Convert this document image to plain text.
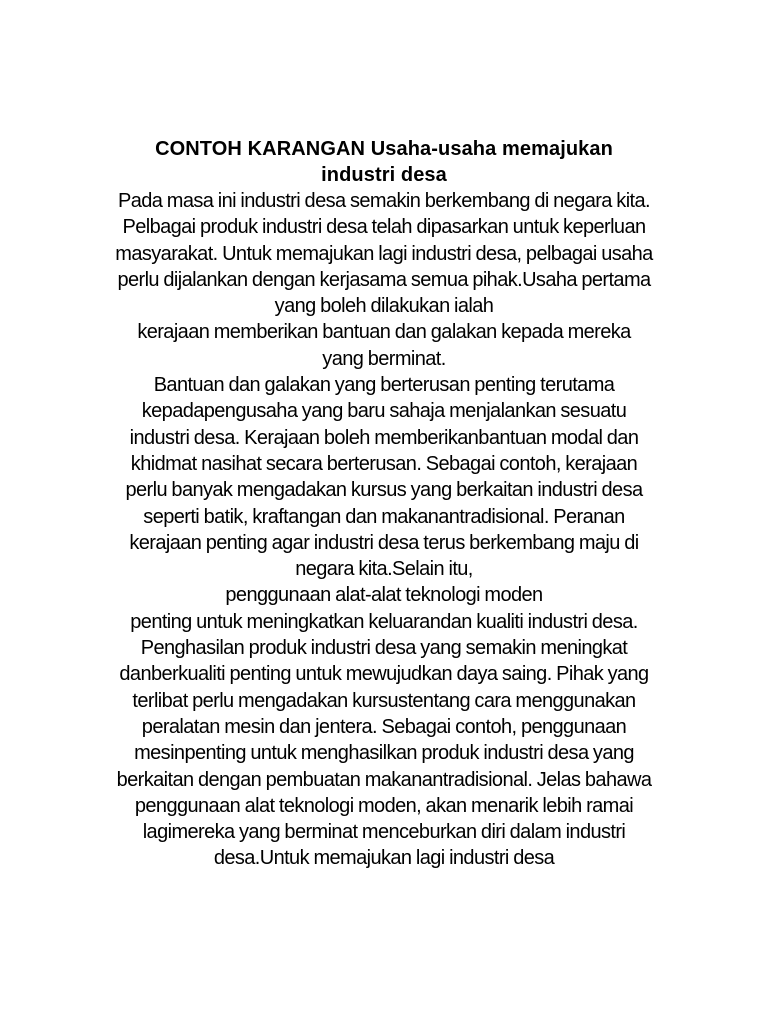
CONTOH KARANGAN Usaha-usaha memajukan
industri desa
Pada masa ini industri desa semakin berkembang di negara kita.
Pelbagai produk industri desa telah dipasarkan untuk keperluan
masyarakat. Untuk memajukan lagi industri desa, pelbagai usaha
perlu dijalankan dengan kerjasama semua pihak.Usaha pertama
yang boleh dilakukan ialah
kerajaan memberikan bantuan dan galakan kepada mereka
yang berminat.
Bantuan dan galakan yang berterusan penting terutama
kepadapengusaha yang baru sahaja menjalankan sesuatu
industri desa. Kerajaan boleh memberikanbantuan modal dan
khidmat nasihat secara berterusan. Sebagai contoh, kerajaan
perlu banyak mengadakan kursus yang berkaitan industri desa
seperti batik, kraftangan dan makanantradisional. Peranan
kerajaan penting agar industri desa terus berkembang maju di
negara kita.Selain itu,
penggunaan alat-alat teknologi moden
penting untuk meningkatkan keluarandan kualiti industri desa.
Penghasilan produk industri desa yang semakin meningkat
danberkualiti penting untuk mewujudkan daya saing. Pihak yang
terlibat perlu mengadakan kursustentang cara menggunakan
peralatan mesin dan jentera. Sebagai contoh, penggunaan
mesinpenting untuk menghasilkan produk industri desa yang
berkaitan dengan pembuatan makanantradisional. Jelas bahawa
penggunaan alat teknologi moden, akan menarik lebih ramai
lagimereka yang berminat menceburkan diri dalam industri
desa.Untuk memajukan lagi industri desa
